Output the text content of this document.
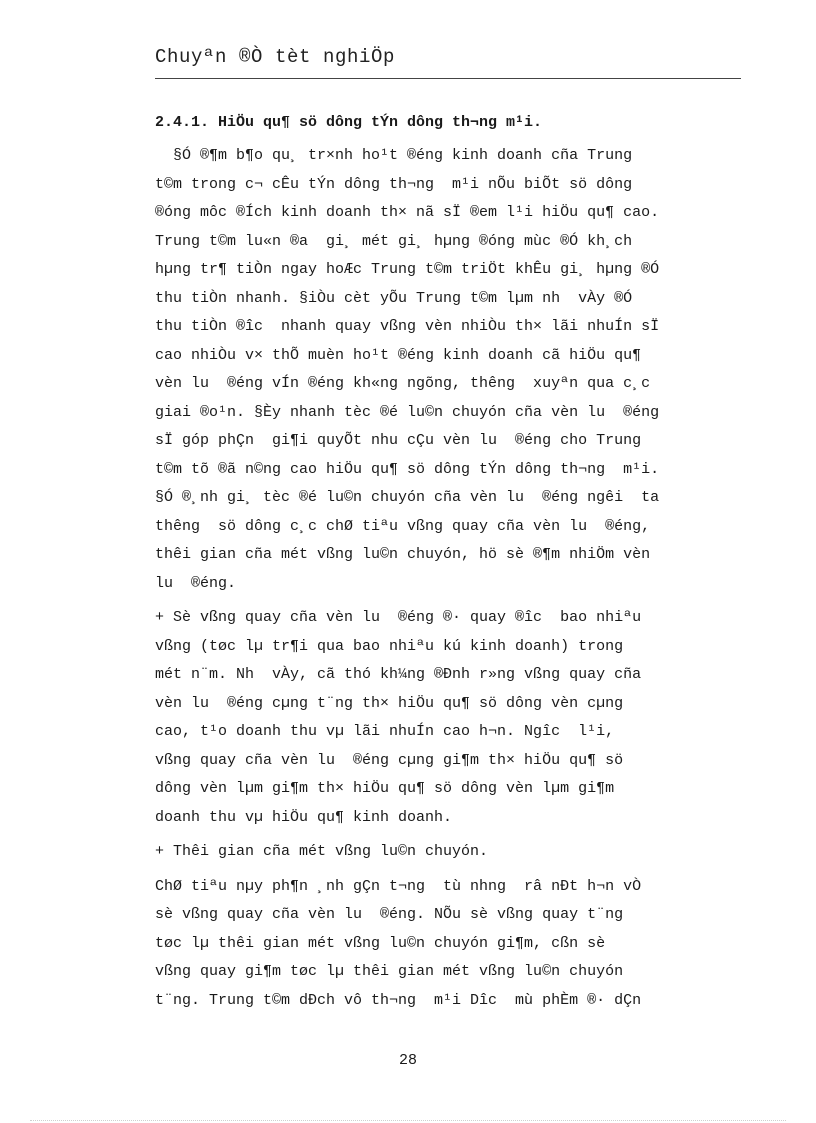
Chuyªn ®Ò tèt nghiÖp
2.4.1. HiÖu qu¶ sö dông tÝn dông th¬ng m¹i.
§Ó ®¶m b¶o qu¸ tr×nh ho¹t ®éng kinh doanh cña Trung
t©m trong c¬ cÊu tÝn dông th¬ng  m¹i nÕu biÕt sö dông
®óng môc ®Ích kinh doanh th× nã sÏ ®em l¹i hiÖu qu¶ cao.
Trung t©m lu«n ®a  gi¸ mét gi¸ hµng ®óng mùc ®Ó kh¸ch
hµng tr¶ tiÒn ngay hoÆc Trung t©m triÖt khÊu gi¸ hµng ®Ó
thu tiÒn nhanh. §iÒu cèt yÕu Trung t©m lµm nh  vÀy ®Ó
thu tiÒn ®îc  nhanh quay vßng vèn nhiÒu th× lãi nhuÍn sÏ
cao nhiÒu v× thÕ muèn ho¹t ®éng kinh doanh cã hiÖu qu¶
vèn lu  ®éng vÍn ®éng kh«ng ngõng, thêng  xuyªn qua c¸c
giai ®o¹n. §Èy nhanh tèc ®é lu©n chuyón cña vèn lu  ®éng
sÏ góp phÇn  gi¶i quyÕt nhu cÇu vèn lu  ®éng cho Trung
t©m tõ ®ã n©ng cao hiÖu qu¶ sö dông tÝn dông th¬ng  m¹i.
§Ó ®¸nh gi¸ tèc ®é lu©n chuyón cña vèn lu  ®éng ngêi  ta
thêng  sö dông c¸c chØ tiªu vßng quay cña vèn lu  ®éng,
thêi gian cña mét vßng lu©n chuyón, hö sè ®¶m nhiÖm vèn
lu  ®éng.
+ Sè vßng quay cña vèn lu  ®éng ®· quay ®îc  bao nhiªu
vßng (tøc lµ tr¶i qua bao nhiªu kú kinh doanh) trong
mét n¨m. Nh  vÀy, cã thó kh¼ng ®Ðnh r»ng vßng quay cña
vèn lu  ®éng cµng t¨ng th× hiÖu qu¶ sö dông vèn cµng
cao, t¹o doanh thu vµ lãi nhuÍn cao h¬n. Ngîc  l¹i,
vßng quay cña vèn lu  ®éng cµng gi¶m th× hiÖu qu¶ sö
dông vèn lµm gi¶m th× hiÖu qu¶ sö dông vèn lµm gi¶m
doanh thu vµ hiÖu qu¶ kinh doanh.
+ Thêi gian cña mét vßng lu©n chuyón.
ChØ tiªu nµy ph¶n ¸nh gÇn t¬ng  tù nhng  râ nÐt h¬n vÒ
sè vßng quay cña vèn lu  ®éng. NÕu sè vßng quay t¨ng
tøc lµ thêi gian mét vßng lu©n chuyón gi¶m, cßn sè
vßng quay gi¶m tøc lµ thêi gian mét vßng lu©n chuyón
t¨ng. Trung t©m dÐch vô th¬ng  m¹i Dîc  mù phÈm ®· dÇn
28
